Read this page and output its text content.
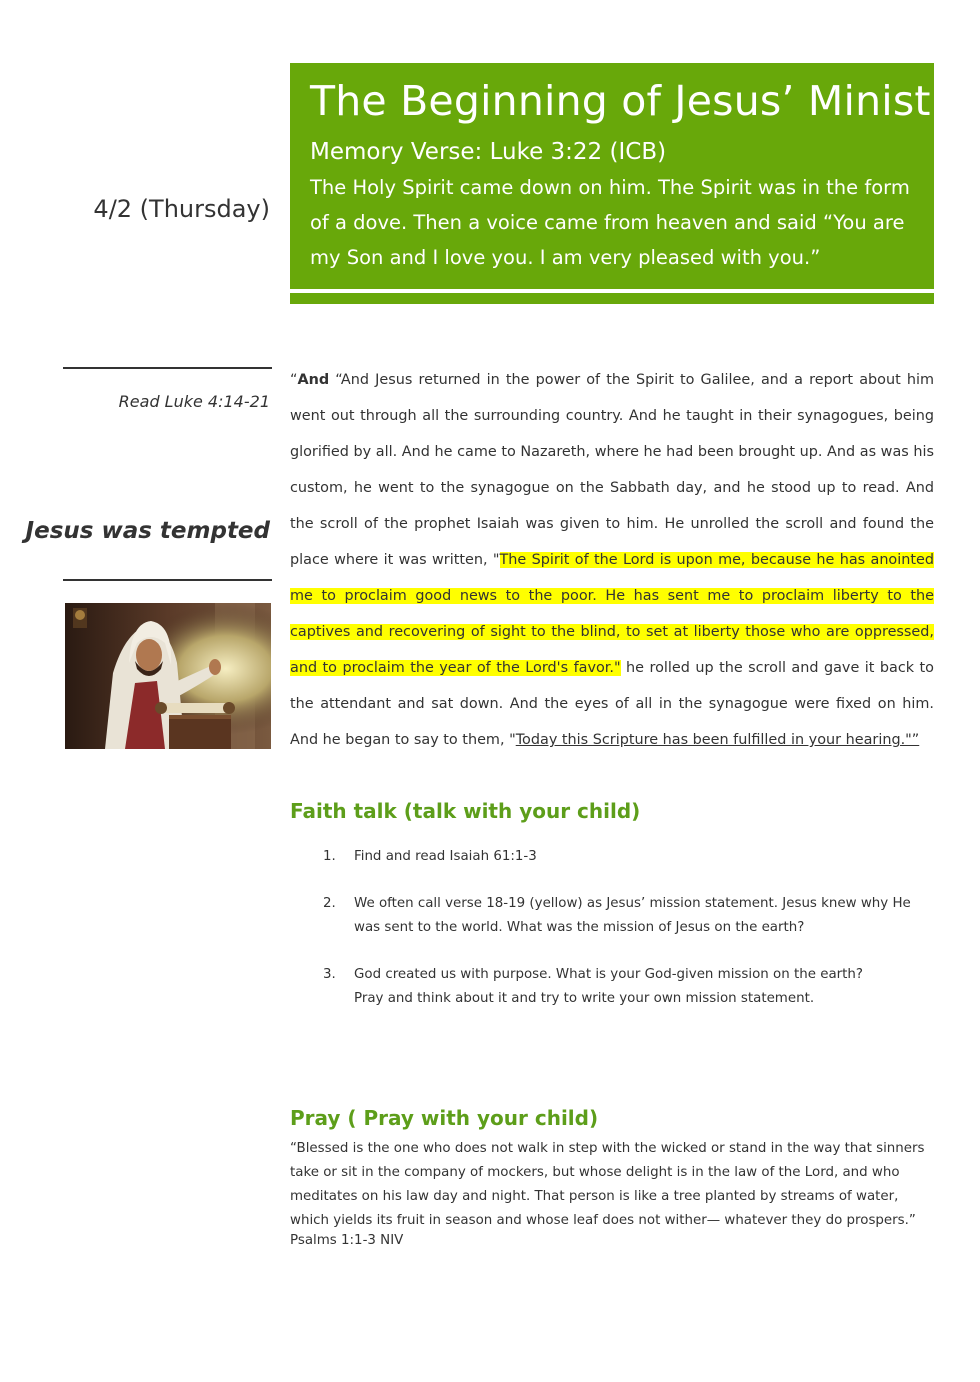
The Beginning of Jesus’ Ministry
Memory Verse: Luke 3:22 (ICB)
The Holy Spirit came down on him. The Spirit was in the form of a dove. Then a voice came from heaven and said “You are my Son and I love you. I am very pleased with you.”
4/2 (Thursday)
Read Luke 4:14-21
Jesus was tempted
“And “And Jesus returned in the power of the Spirit to Galilee, and a report about him went out through all the surrounding country. And he taught in their synagogues, being glorified by all. And he came to Nazareth, where he had been brought up. And as was his custom, he went to the synagogue on the Sabbath day, and he stood up to read. And the scroll of the prophet Isaiah was given to him. He unrolled the scroll and found the place where it was written, "The Spirit of the Lord is upon me, because he has anointed me to proclaim good news to the poor. He has sent me to proclaim liberty to the captives and recovering of sight to the blind, to set at liberty those who are oppressed, and to proclaim the year of the Lord's favor." he rolled up the scroll and gave it back to the attendant and sat down. And the eyes of all in the synagogue were fixed on him. And he began to say to them, "Today this Scripture has been fulfilled in your hearing."”
Faith talk (talk with your child)
1. Find and read Isaiah 61:1-3
2. We often call verse 18-19 (yellow) as Jesus’ mission statement. Jesus knew why He was sent to the world. What was the mission of Jesus on the earth?
3. God created us with purpose. What is your God-given mission on the earth?
Pray and think about it and try to write your own mission statement.
Pray ( Pray with your child)
“Blessed is the one who does not walk in step with the wicked or stand in the way that sinners take or sit in the company of mockers, but whose delight is in the law of the Lord, and who meditates on his law day and night. That person is like a tree planted by streams of water, which yields its fruit in season and whose leaf does not wither— whatever they do prospers.”
Psalms 1:1-3 NIV
